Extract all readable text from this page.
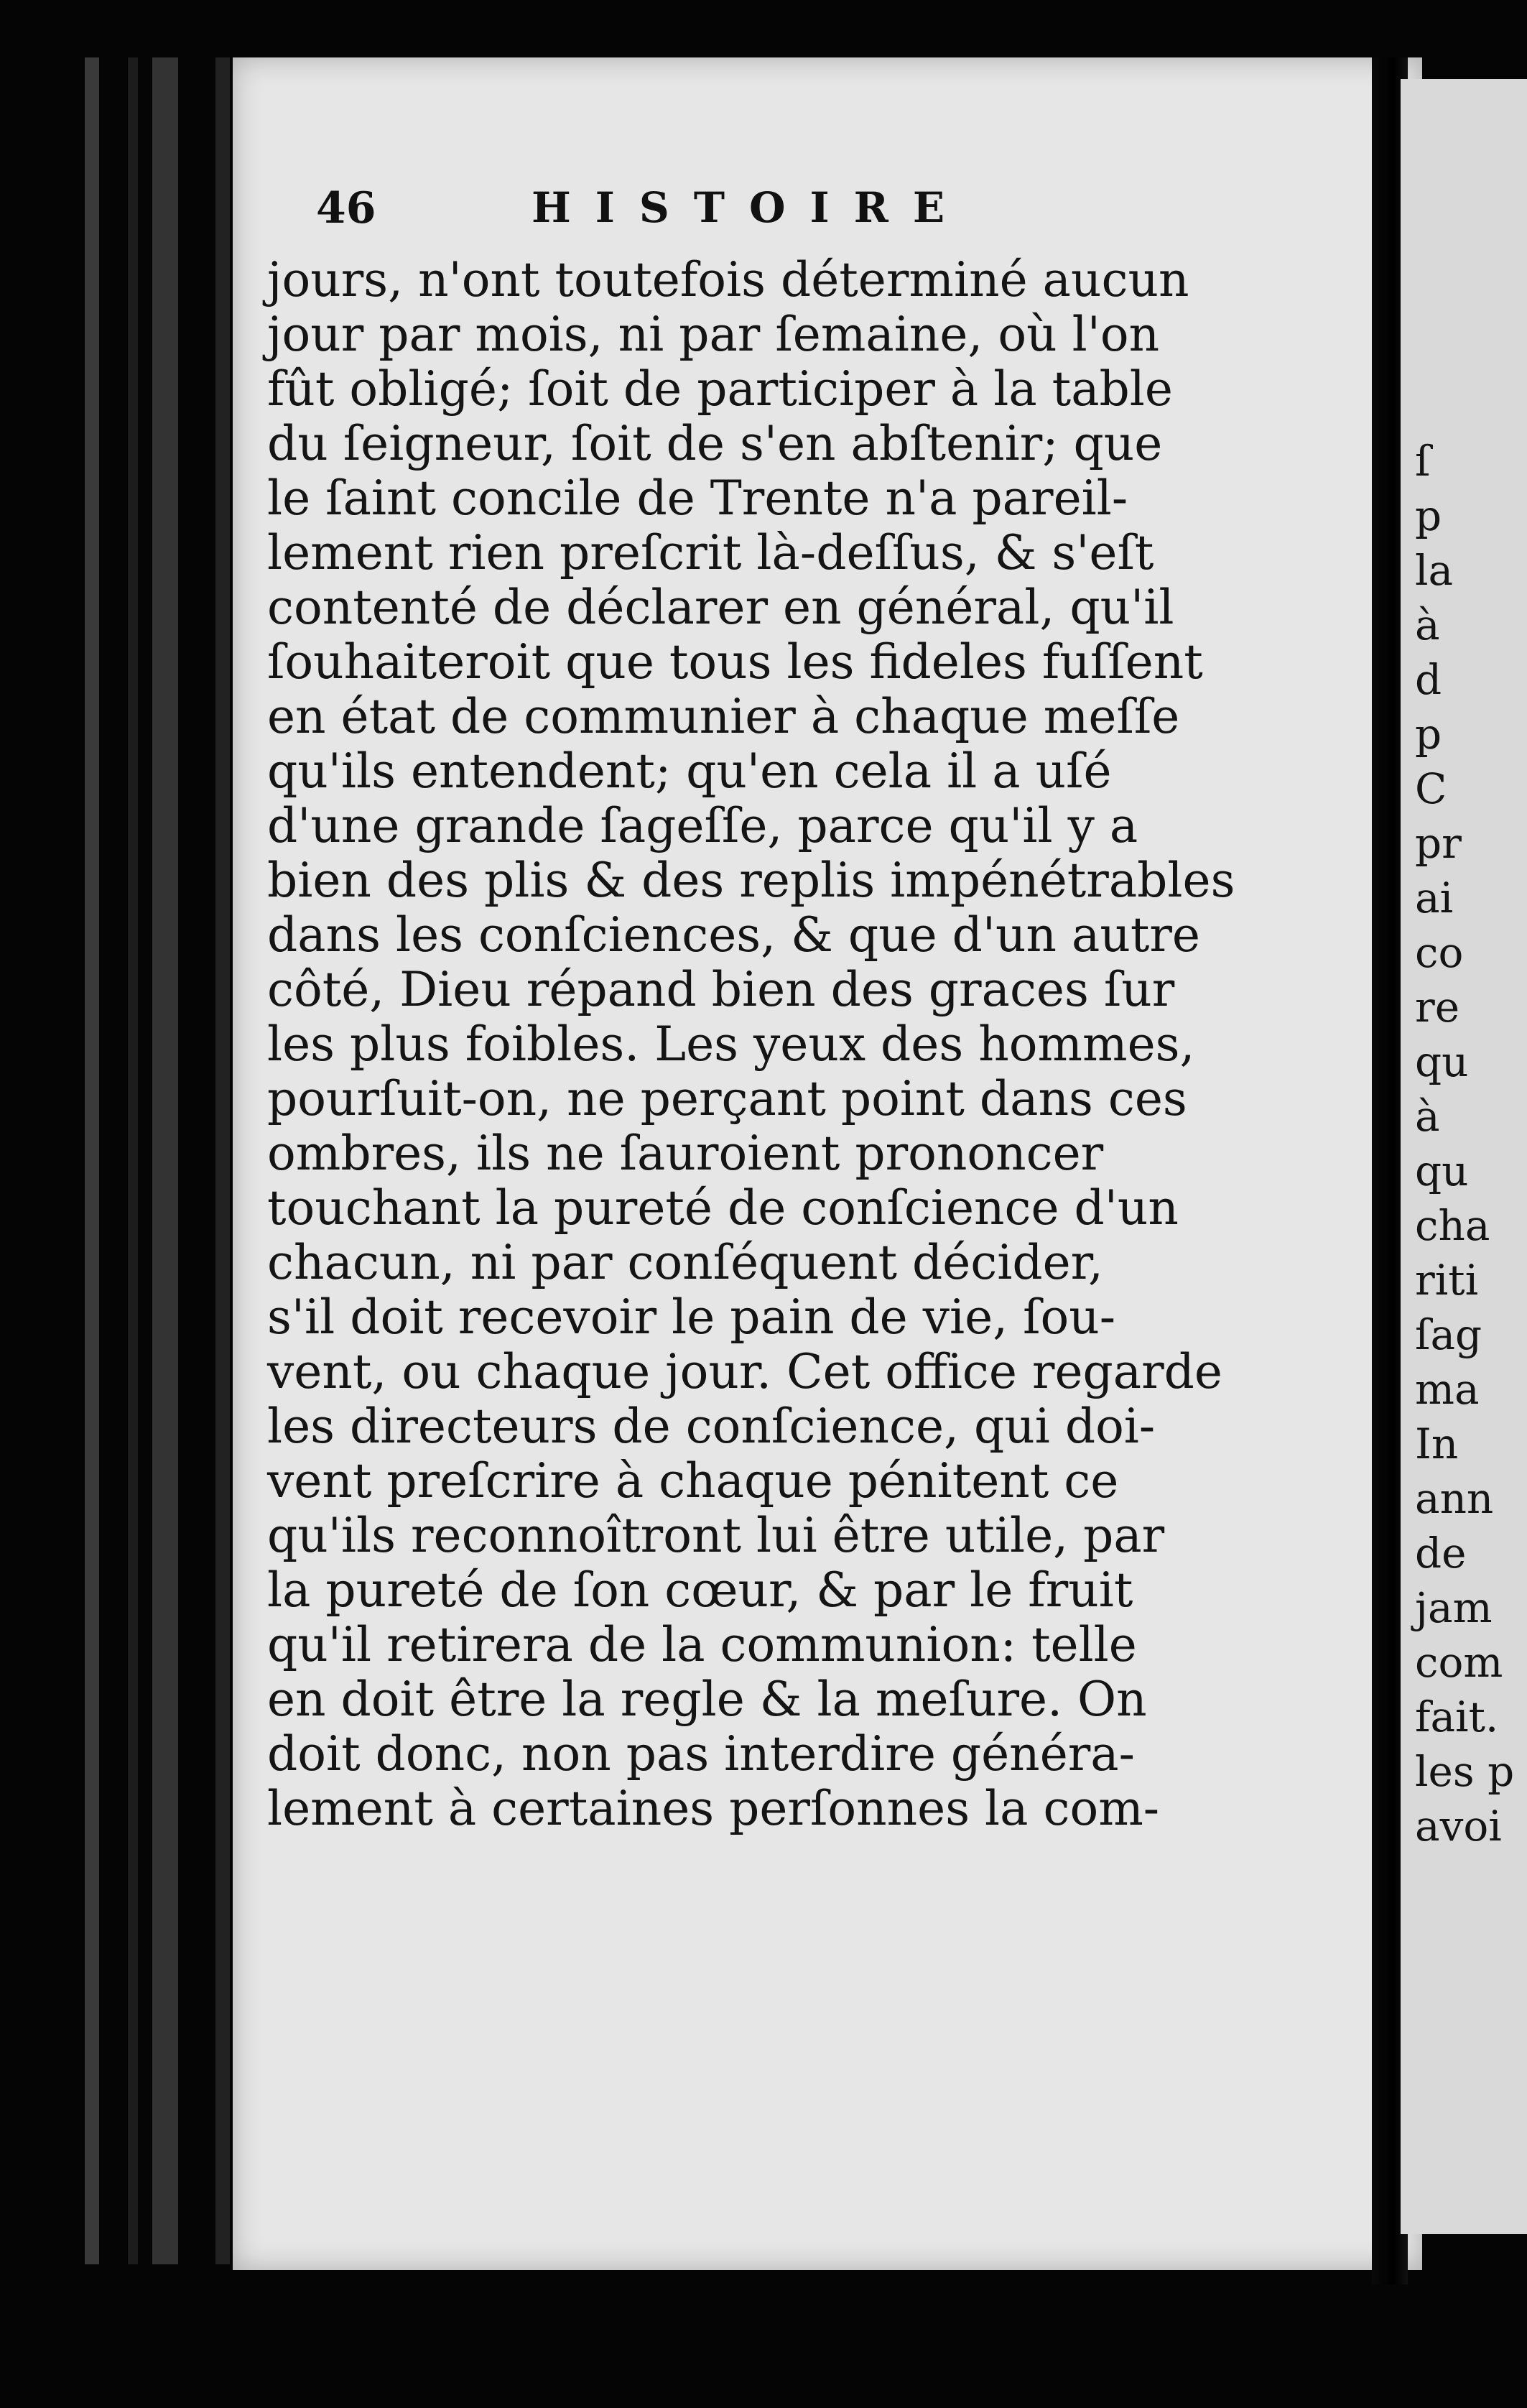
ſ
p
la
à
d
p
C
pr
ai
co
re
qu
à
qu
cha
riti
ſag
ma
In
ann
de
jam
com
fait.
les p
avoi
46	HISTOIRE
jours, n'ont toutefois déterminé aucun
jour par mois, ni par ſemaine, où l'on
fût obligé; ſoit de participer à la table
du ſeigneur, ſoit de s'en abſtenir; que
le ſaint concile de Trente n'a pareil-
lement rien preſcrit là-deſſus, & s'eſt
contenté de déclarer en général, qu'il
ſouhaiteroit que tous les fideles fuſſent
en état de communier à chaque meſſe
qu'ils entendent; qu'en cela il a uſé
d'une grande ſageſſe, parce qu'il y a
bien des plis & des replis impénétrables
dans les conſciences, & que d'un autre
côté, Dieu répand bien des graces ſur
les plus foibles. Les yeux des hommes,
pourſuit-on, ne perçant point dans ces
ombres, ils ne ſauroient prononcer
touchant la pureté de conſcience d'un
chacun, ni par conſéquent décider,
s'il doit recevoir le pain de vie, ſou-
vent, ou chaque jour. Cet office regarde
les directeurs de conſcience, qui doi-
vent preſcrire à chaque pénitent ce
qu'ils reconnoîtront lui être utile, par
la pureté de ſon cœur, & par le fruit
qu'il retirera de la communion: telle
en doit être la regle & la meſure. On
doit donc, non pas interdire généra-
lement à certaines perſonnes la com-
